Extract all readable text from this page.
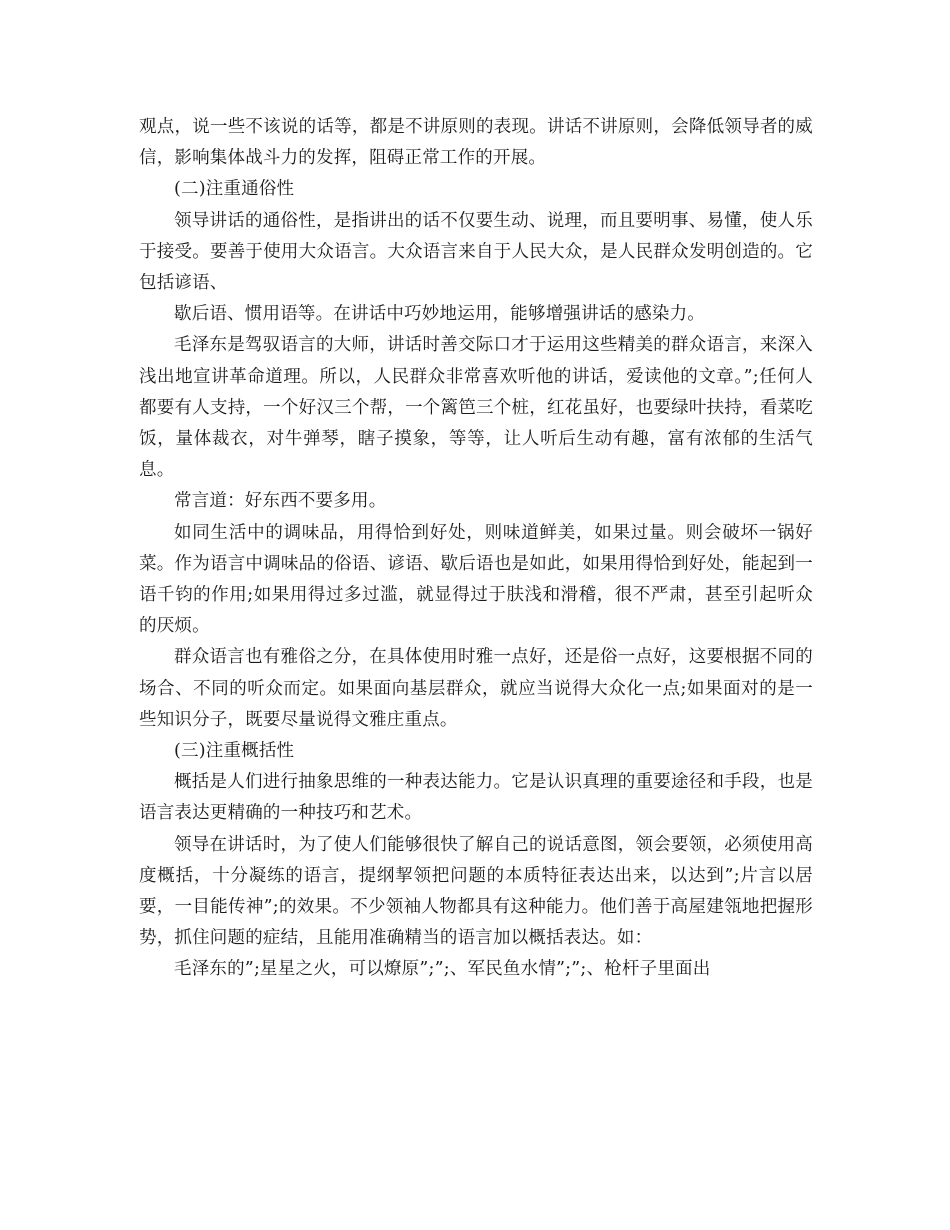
观点，说一些不该说的话等，都是不讲原则的表现。讲话不讲原则，会降低领导者的威信，影响集体战斗力的发挥，阻碍正常工作的开展。

(二)注重通俗性

领导讲话的通俗性，是指讲出的话不仅要生动、说理，而且要明事、易懂，使人乐于接受。要善于使用大众语言。大众语言来自于人民大众，是人民群众发明创造的。它包括谚语、

歇后语、惯用语等。在讲话中巧妙地运用，能够增强讲话的感染力。

毛泽东是驾驭语言的大师，讲话时善交际口才于运用这些精美的群众语言，来深入浅出地宣讲革命道理。所以，人民群众非常喜欢听他的讲话，爱读他的文章。”;任何人都要有人支持，一个好汉三个帮，一个篱笆三个桩，红花虽好，也要绿叶扶持，看菜吃饭，量体裁衣，对牛弹琴，瞎子摸象，等等，让人听后生动有趣，富有浓郁的生活气息。

常言道：好东西不要多用。

如同生活中的调味品，用得恰到好处，则味道鲜美，如果过量。则会破坏一锅好菜。作为语言中调味品的俗语、谚语、歇后语也是如此，如果用得恰到好处，能起到一语千钧的作用;如果用得过多过滥，就显得过于肤浅和滑稽，很不严肃，甚至引起听众的厌烦。

群众语言也有雅俗之分，在具体使用时雅一点好，还是俗一点好，这要根据不同的场合、不同的听众而定。如果面向基层群众，就应当说得大众化一点;如果面对的是一些知识分子，既要尽量说得文雅庄重点。

(三)注重概括性

概括是人们进行抽象思维的一种表达能力。它是认识真理的重要途径和手段，也是语言表达更精确的一种技巧和艺术。

领导在讲话时，为了使人们能够很快了解自己的说话意图，领会要领，必须使用高度概括，十分凝练的语言，提纲挈领把问题的本质特征表达出来，以达到”;片言以居要，一目能传神”;的效果。不少领袖人物都具有这种能力。他们善于高屋建瓴地把握形势，抓住问题的症结，且能用准确精当的语言加以概括表达。如：

毛泽东的”;星星之火，可以燎原”;”;、军民鱼水情”;”;、枪杆子里面出
